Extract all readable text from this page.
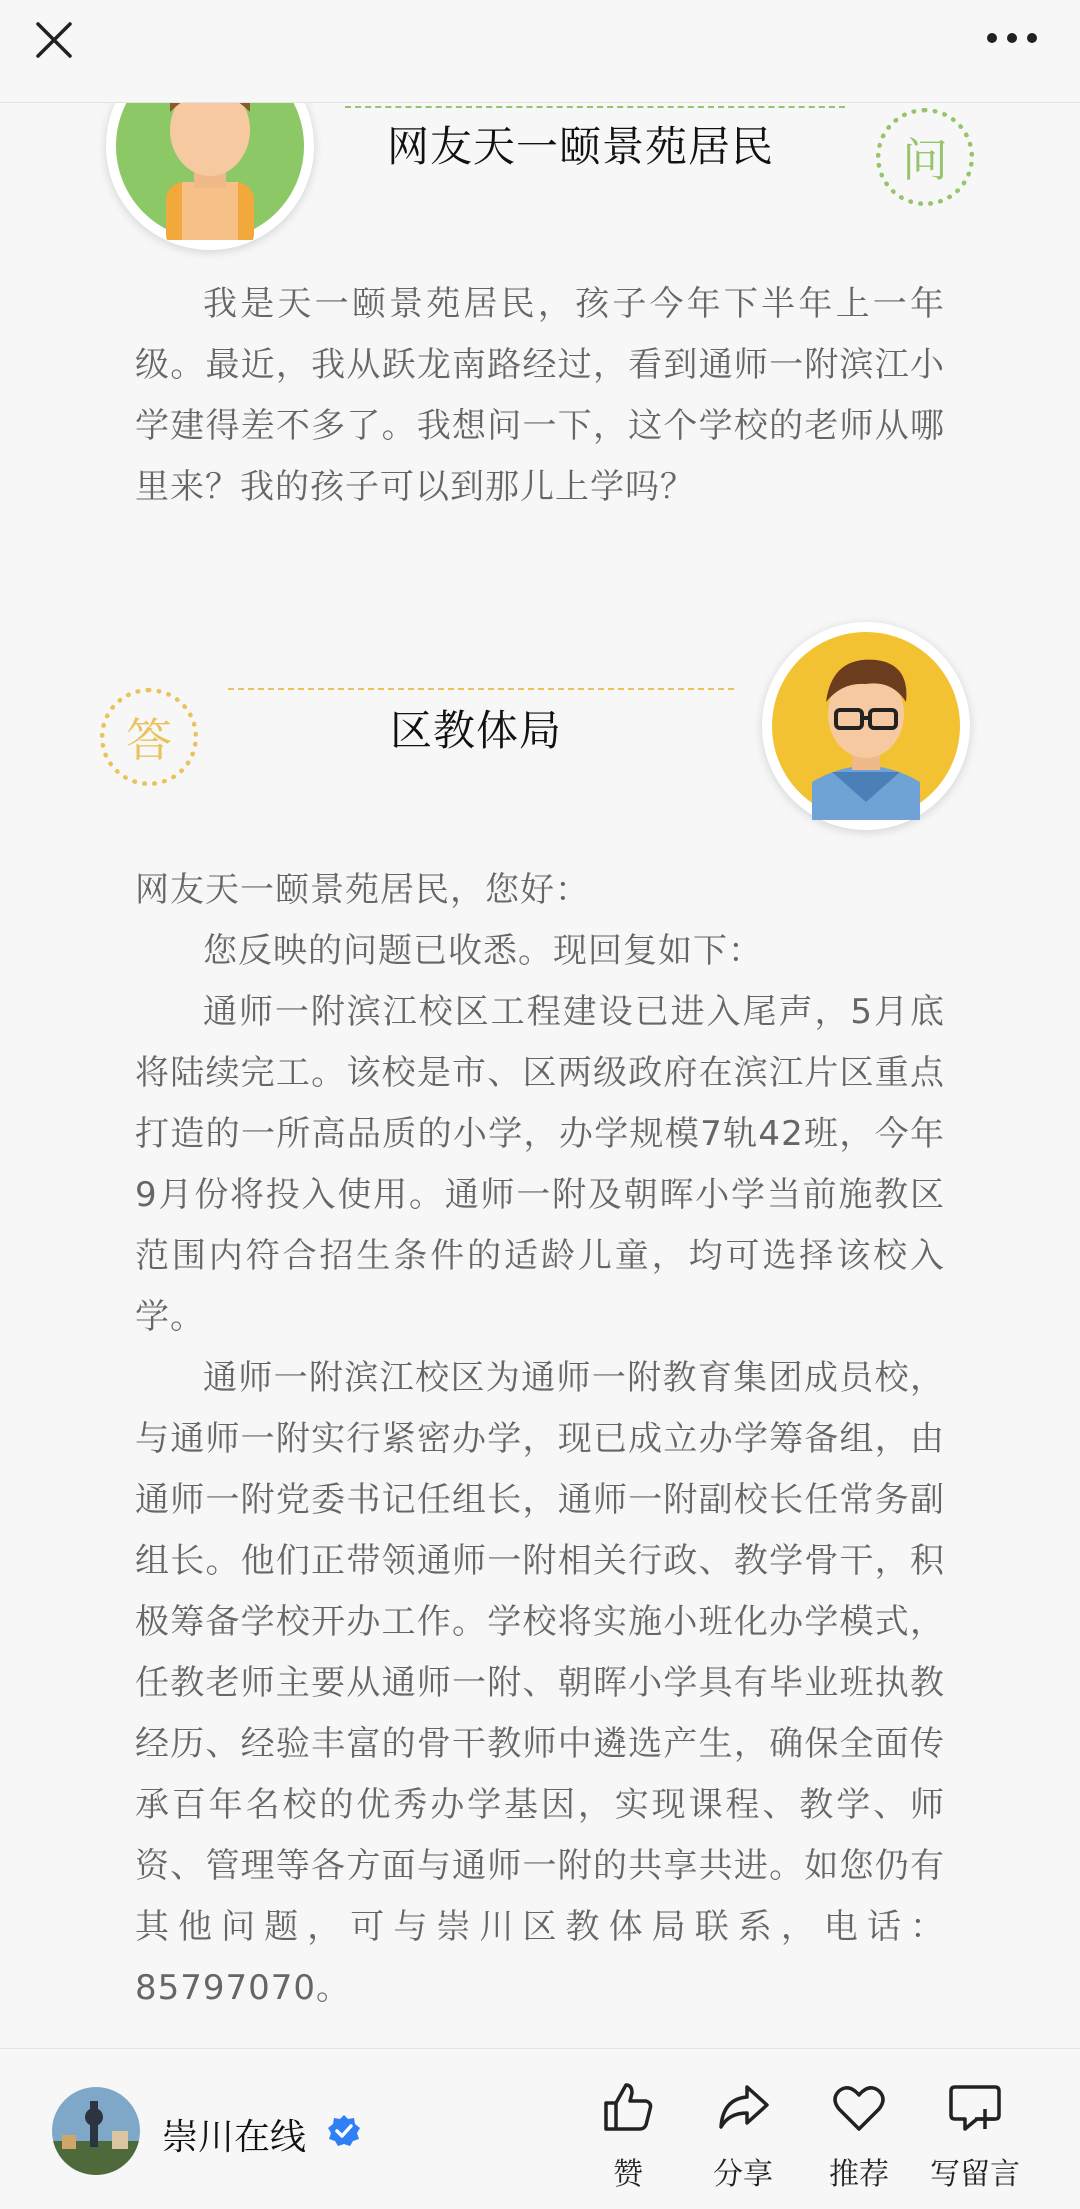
网友天一颐景苑居民	问
我是天一颐景苑居民，孩子今年下半年上一年级。最近，我从跃龙南路经过，看到通师一附滨江小学建得差不多了。我想问一下，这个学校的老师从哪里来？我的孩子可以到那儿上学吗？
答	区教体局
网友天一颐景苑居民，您好：
您反映的问题已收悉。现回复如下：
通师一附滨江校区工程建设已进入尾声，5月底将陆续完工。该校是市、区两级政府在滨江片区重点打造的一所高品质的小学，办学规模7轨42班，今年9月份将投入使用。通师一附及朝晖小学当前施教区范围内符合招生条件的适龄儿童，均可选择该校入学。
通师一附滨江校区为通师一附教育集团成员校，与通师一附实行紧密办学，现已成立办学筹备组，由通师一附党委书记任组长，通师一附副校长任常务副组长。他们正带领通师一附相关行政、教学骨干，积极筹备学校开办工作。学校将实施小班化办学模式，任教老师主要从通师一附、朝晖小学具有毕业班执教经历、经验丰富的骨干教师中遴选产生，确保全面传承百年名校的优秀办学基因，实现课程、教学、师资、管理等各方面与通师一附的共享共进。如您仍有其他问题，可与崇川区教体局联系，电话：85797070。
崇川在线
赞	分享	推荐	写留言
